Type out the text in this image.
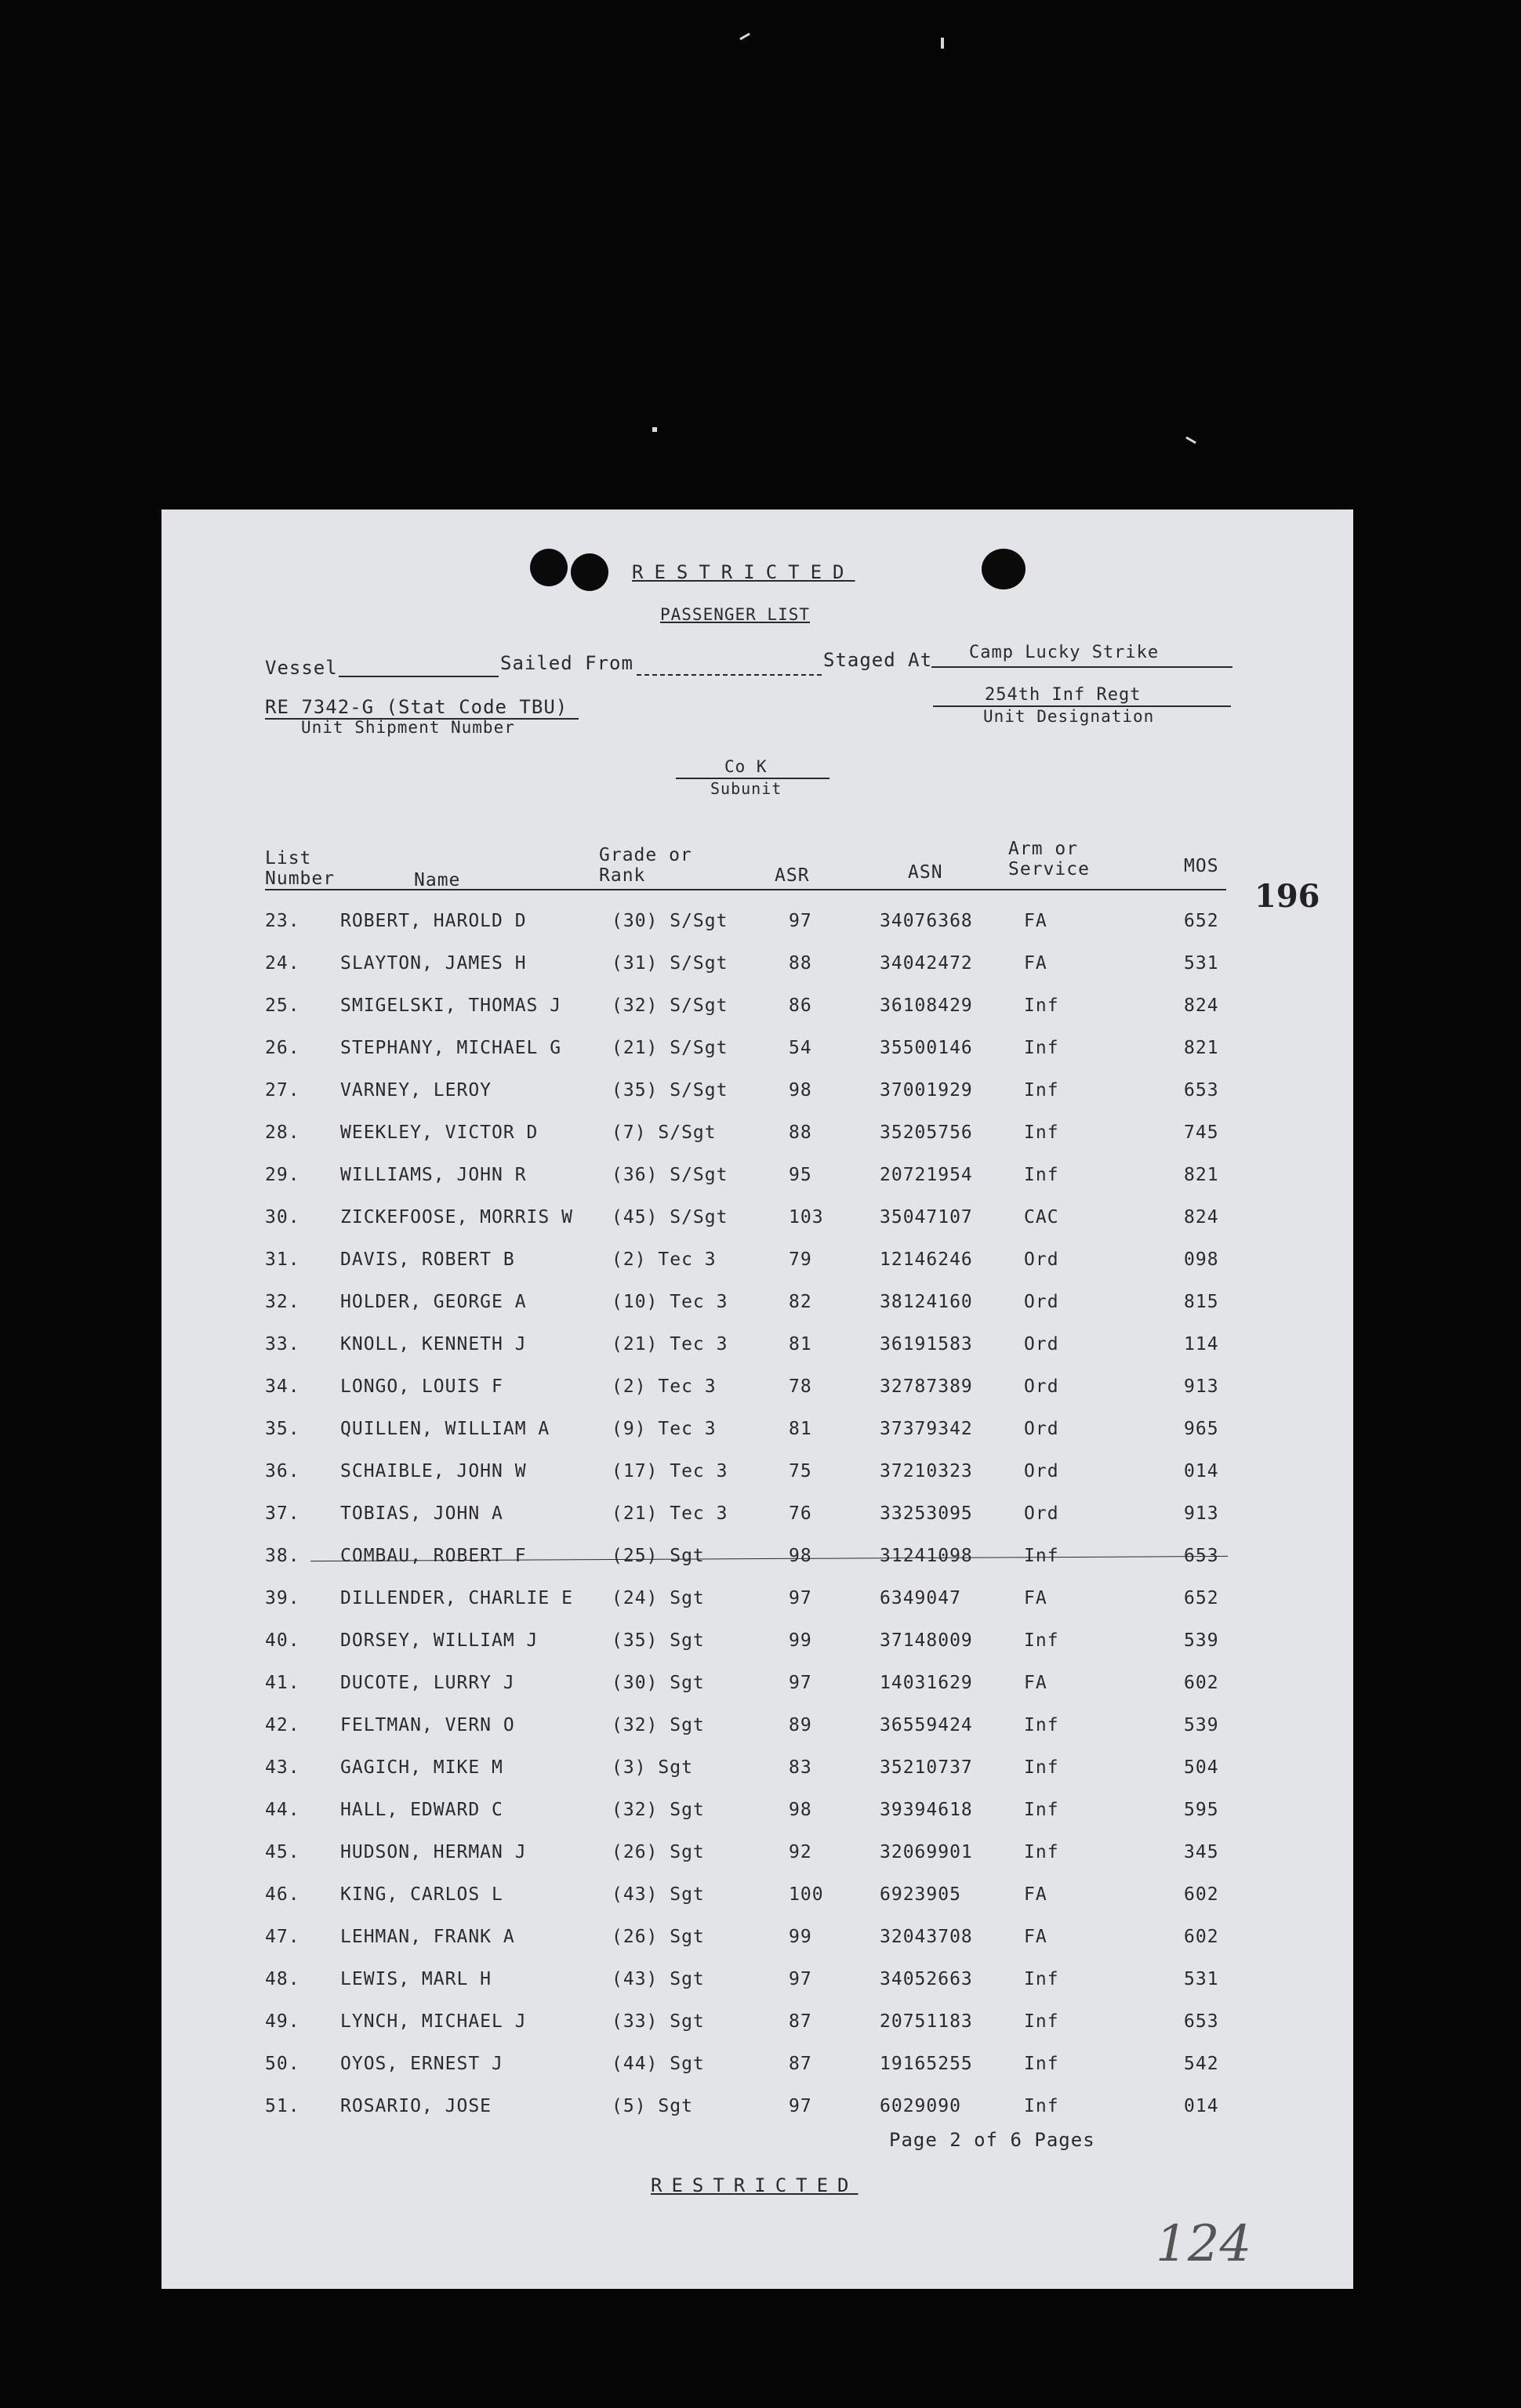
RESTRICTED
PASSENGER LIST
Vessel	Sailed From	Staged At Camp Lucky Strike
RE 7342-G (Stat Code TBU)
Unit Shipment Number
254th Inf Regt
Unit Designation
Co K
Subunit
List
Number	Name
Grade or
Rank	ASR	ASN
Arm or
Service	MOS
196
23. ROBERT, HAROLD D	(30) S/Sgt	97	34076368	FA	652
24. SLAYTON, JAMES H	(31) S/Sgt	88	34042472	FA	531
25. SMIGELSKI, THOMAS J	(32) S/Sgt	86	36108429	Inf	824
26. STEPHANY, MICHAEL G	(21) S/Sgt	54	35500146	Inf	821
27. VARNEY, LEROY	(35) S/Sgt	98	37001929	Inf	653
28. WEEKLEY, VICTOR D	(7) S/Sgt	88	35205756	Inf	745
29. WILLIAMS, JOHN R	(36) S/Sgt	95	20721954	Inf	821
30. ZICKEFOOSE, MORRIS W (45) S/Sgt	103	35047107	CAC	824
31. DAVIS, ROBERT B	(2) Tec 3	79	12146246	Ord	098
32. HOLDER, GEORGE A	(10) Tec 3	82	38124160	Ord	815
33. KNOLL, KENNETH J	(21) Tec 3	81	36191583	Ord	114
34. LONGO, LOUIS F	(2) Tec 3	78	32787389	Ord	913
35. QUILLEN, WILLIAM A	(9) Tec 3	81	37379342	Ord	965
36. SCHAIBLE, JOHN W	(17) Tec 3	75	37210323	Ord	014
37. TOBIAS, JOHN A	(21) Tec 3	76	33253095	Ord	913
38. COMBAU, ROBERT F	(25) Sgt	98	31241098	Inf	653
39. DILLENDER, CHARLIE E (24) Sgt	97	6349047	FA	652
40. DORSEY, WILLIAM J	(35) Sgt	99	37148009	Inf	539
41. DUCOTE, LURRY J	(30) Sgt	97	14031629	FA	602
42. FELTMAN, VERN O	(32) Sgt	89	36559424	Inf	539
43. GAGICH, MIKE M	(3) Sgt	83	35210737	Inf	504
44. HALL, EDWARD C	(32) Sgt	98	39394618	Inf	595
45. HUDSON, HERMAN J	(26) Sgt	92	32069901	Inf	345
46. KING, CARLOS L	(43) Sgt	100	6923905	FA	602
47. LEHMAN, FRANK A	(26) Sgt	99	32043708	FA	602
48. LEWIS, MARL H	(43) Sgt	97	34052663	Inf	531
49. LYNCH, MICHAEL J	(33) Sgt	87	20751183	Inf	653
50. OYOS, ERNEST J	(44) Sgt	87	19165255	Inf	542
51. ROSARIO, JOSE	(5) Sgt	97	6029090	Inf	014
Page 2 of 6 Pages
RESTRICTED
124
